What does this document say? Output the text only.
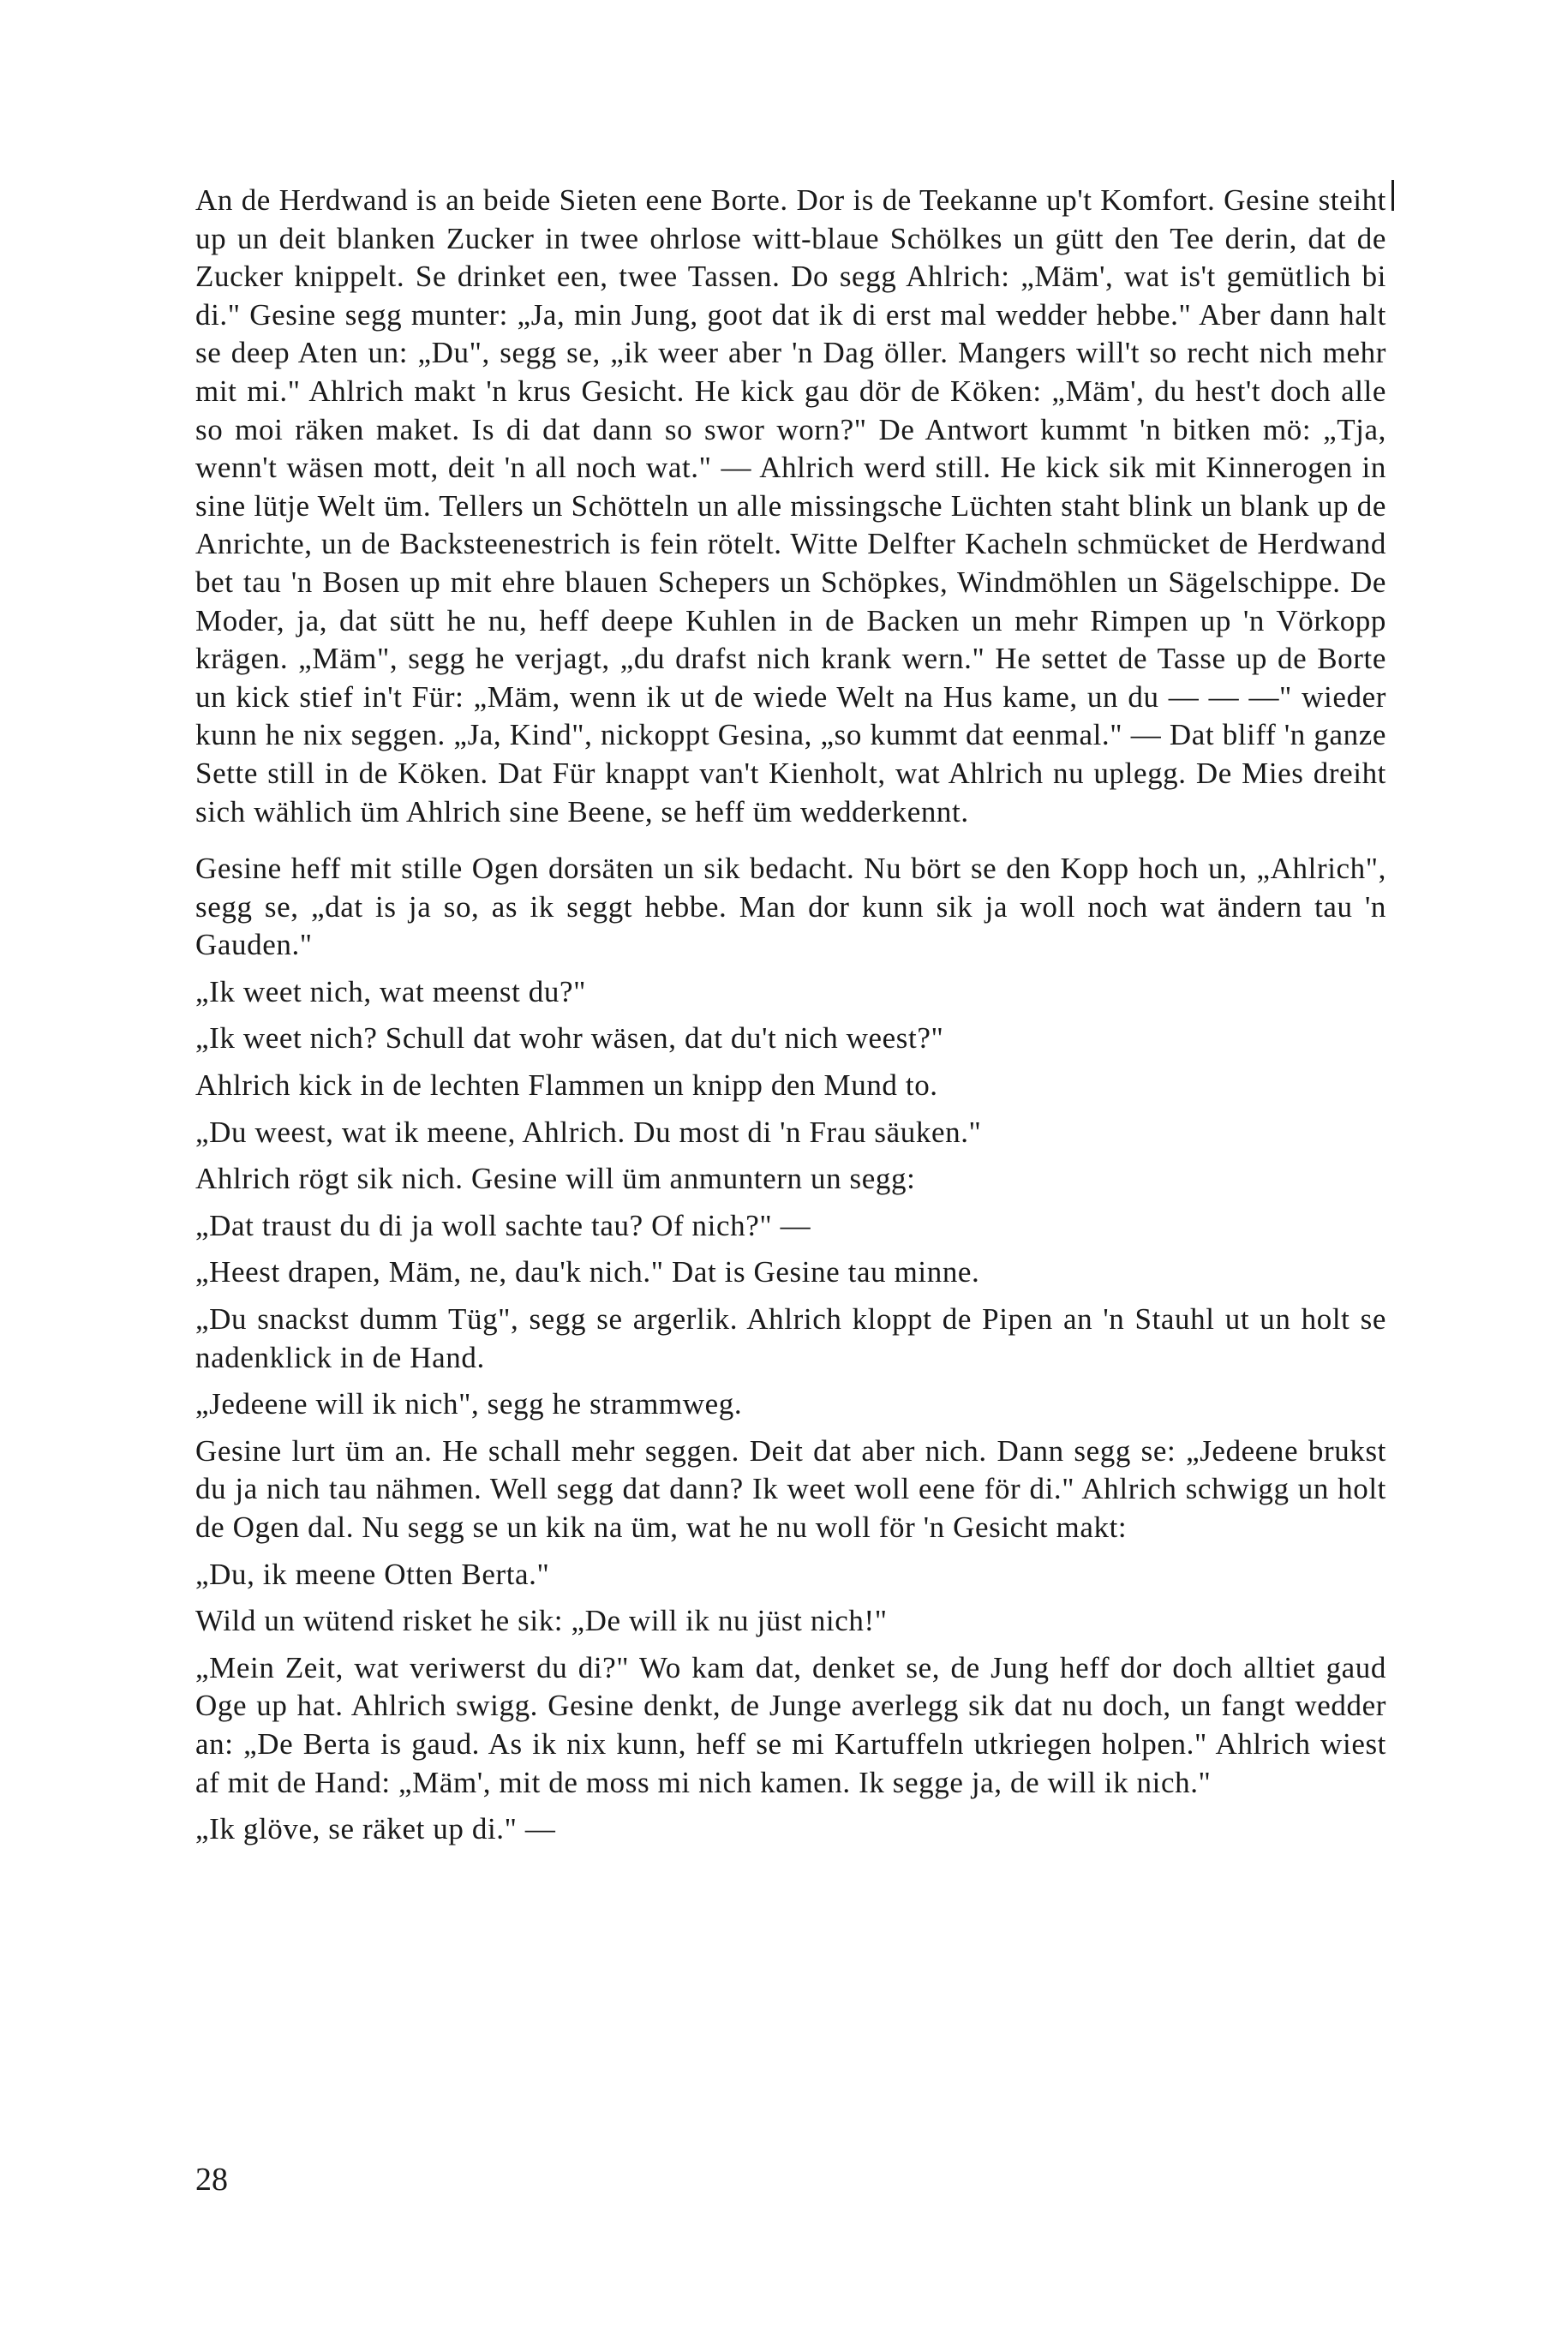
An de Herdwand is an beide Sieten eene Borte. Dor is de Teekanne up't Komfort. Gesine steiht up un deit blanken Zucker in twee ohrlose witt-blaue Schölkes un gütt den Tee derin, dat de Zucker knippelt. Se drinket een, twee Tassen. Do segg Ahlrich: „Mäm', wat is't gemütlich bi di." Gesine segg munter: „Ja, min Jung, goot dat ik di erst mal wedder hebbe." Aber dann halt se deep Aten un: „Du", segg se, „ik weer aber 'n Dag öller. Mangers will't so recht nich mehr mit mi." Ahlrich makt 'n krus Gesicht. He kick gau dör de Köken: „Mäm', du hest't doch alle so moi räken maket. Is di dat dann so swor worn?" De Antwort kummt 'n bitken mö: „Tja, wenn't wäsen mott, deit 'n all noch wat." — Ahlrich werd still. He kick sik mit Kinnerogen in sine lütje Welt üm. Tellers un Schötteln un alle missingsche Lüchten staht blink un blank up de Anrichte, un de Backsteenestrich is fein rötelt. Witte Delfter Kacheln schmücket de Herdwand bet tau 'n Bosen up mit ehre blauen Schepers un Schöpkes, Windmöhlen un Sägelschippe. De Moder, ja, dat sütt he nu, heff deepe Kuhlen in de Backen un mehr Rimpen up 'n Vörkopp krägen. „Mäm", segg he verjagt, „du drafst nich krank wern." He settet de Tasse up de Borte un kick stief in't Für: „Mäm, wenn ik ut de wiede Welt na Hus kame, un du — — —" wieder kunn he nix seggen. „Ja, Kind", nickoppt Gesina, „so kummt dat eenmal." — Dat bliff 'n ganze Sette still in de Köken. Dat Für knappt van't Kienholt, wat Ahlrich nu uplegg. De Mies dreiht sich wählich üm Ahlrich sine Beene, se heff üm wedderkennt.

Gesine heff mit stille Ogen dorsäten un sik bedacht. Nu bört se den Kopp hoch un, „Ahlrich", segg se, „dat is ja so, as ik seggt hebbe. Man dor kunn sik ja woll noch wat ändern tau 'n Gauden."

„Ik weet nich, wat meenst du?"

„Ik weet nich? Schull dat wohr wäsen, dat du't nich weest?"

Ahlrich kick in de lechten Flammen un knipp den Mund to.

„Du weest, wat ik meene, Ahlrich. Du most di 'n Frau säuken."

Ahlrich rögt sik nich. Gesine will üm anmuntern un segg:

„Dat traust du di ja woll sachte tau? Of nich?" —

„Heest drapen, Mäm, ne, dau'k nich." Dat is Gesine tau minne.

„Du snackst dumm Tüg", segg se argerlik. Ahlrich kloppt de Pipen an 'n Stauhl ut un holt se nadenklick in de Hand.

„Jedeene will ik nich", segg he strammweg.

Gesine lurt üm an. He schall mehr seggen. Deit dat aber nich. Dann segg se: „Jedeene brukst du ja nich tau nähmen. Well segg dat dann? Ik weet woll eene för di." Ahlrich schwigg un holt de Ogen dal. Nu segg se un kik na üm, wat he nu woll för 'n Gesicht makt:

„Du, ik meene Otten Berta."

Wild un wütend risket he sik: „De will ik nu jüst nich!"

„Mein Zeit, wat veriwerst du di?" Wo kam dat, denket se, de Jung heff dor doch alltiet gaud Oge up hat. Ahlrich swigg. Gesine denkt, de Junge averlegg sik dat nu doch, un fangt wedder an: „De Berta is gaud. As ik nix kunn, heff se mi Kartuffeln utkriegen holpen." Ahlrich wiest af mit de Hand: „Mäm', mit de moss mi nich kamen. Ik segge ja, de will ik nich."

„Ik glöve, se räket up di." —

28
